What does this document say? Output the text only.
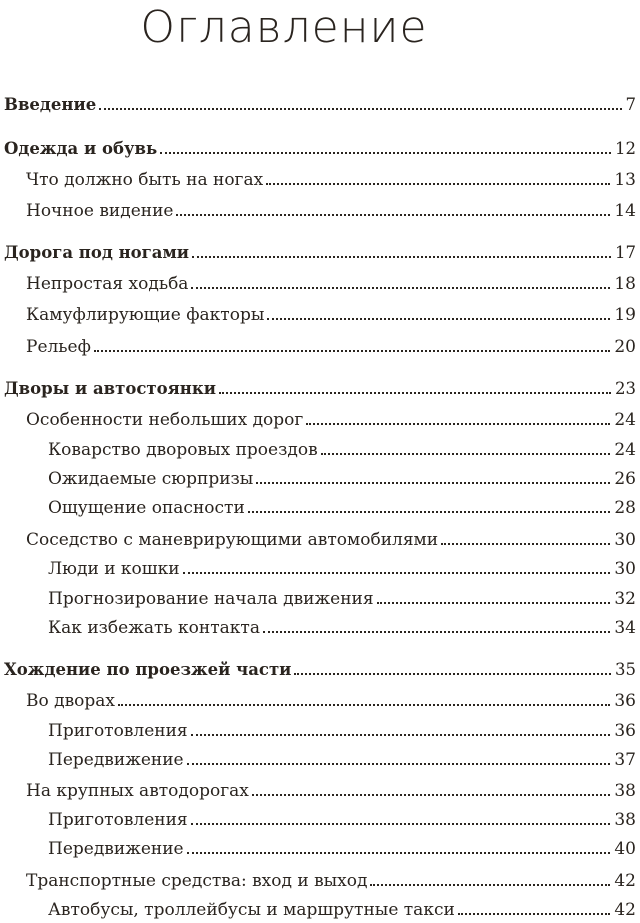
Оглавление
Введение	7
Одежда и обувь	12
Что должно быть на ногах	13
Ночное видение	14
Дорога под ногами	17
Непростая ходьба	18
Камуфлирующие факторы	19
Рельеф	20
Дворы и автостоянки	23
Особенности небольших дорог	24
Коварство дворовых проездов	24
Ожидаемые сюрпризы	26
Ощущение опасности	28
Соседство с маневрирующими автомобилями	30
Люди и кошки	30
Прогнозирование начала движения	32
Как избежать контакта	34
Хождение по проезжей части	35
Во дворах	36
Приготовления	36
Передвижение	37
На крупных автодорогах	38
Приготовления	38
Передвижение	40
Транспортные средства: вход и выход	42
Автобусы, троллейбусы и маршрутные такси	42
